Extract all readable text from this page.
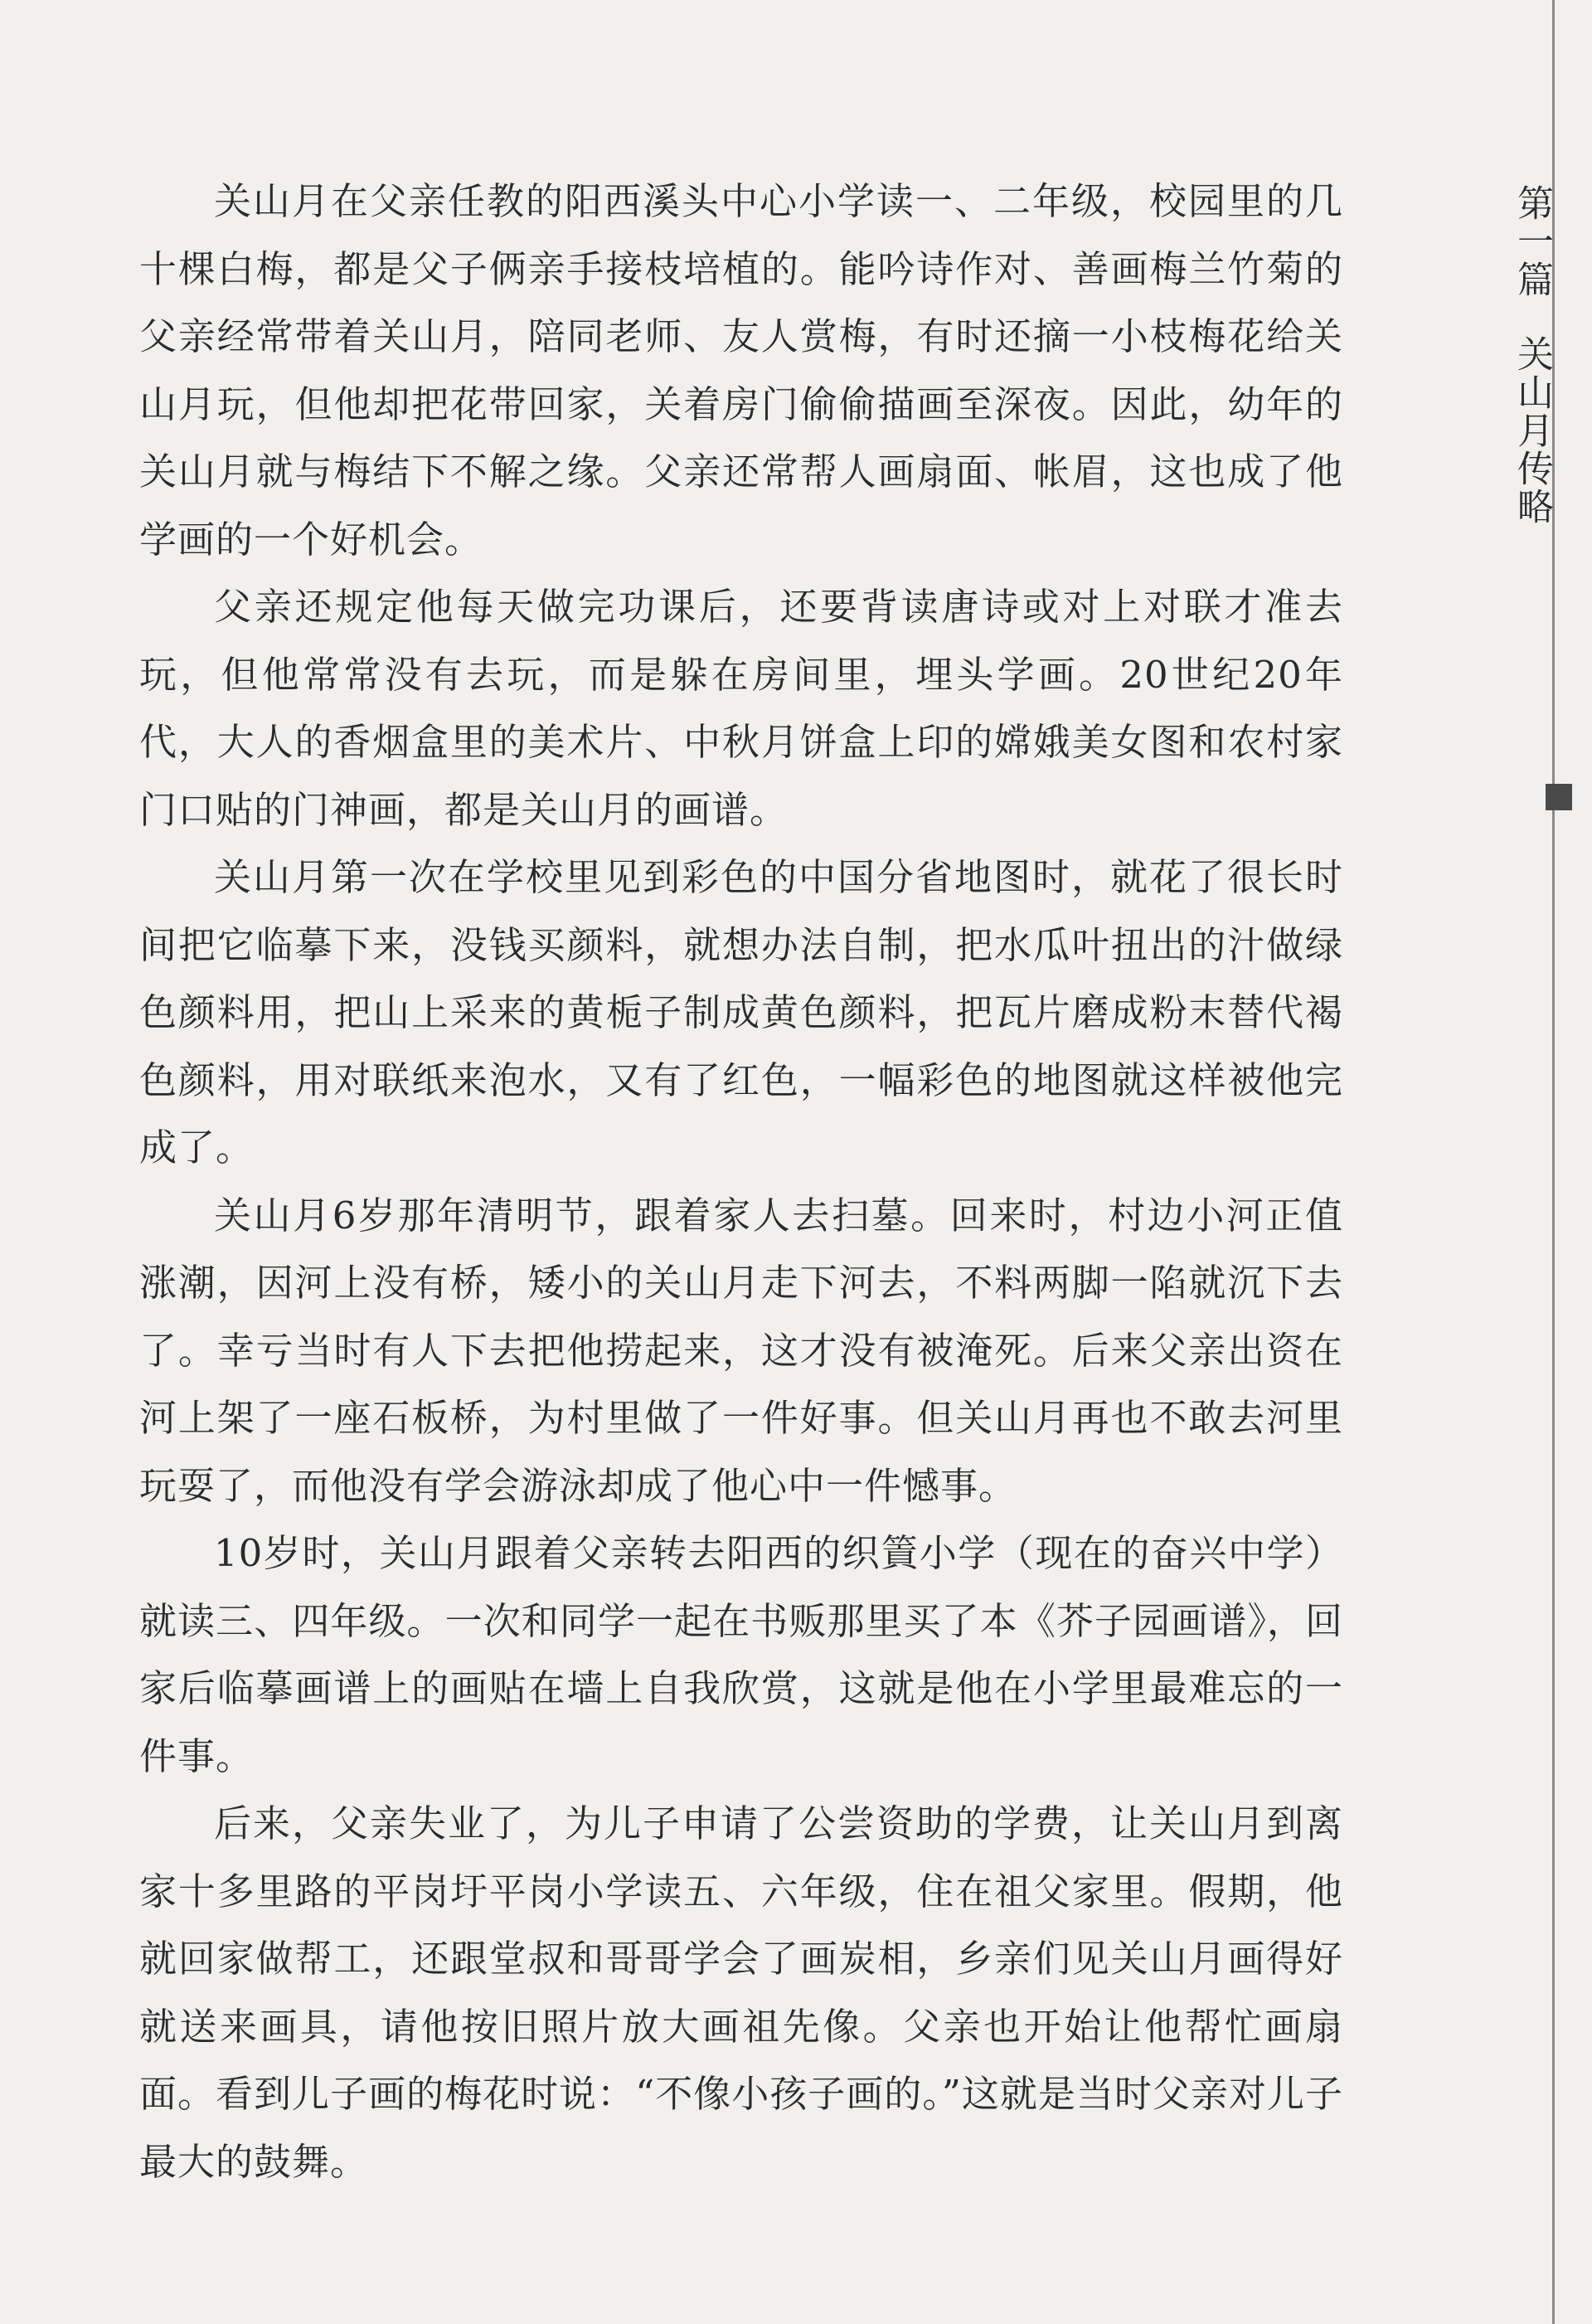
关山月在父亲任教的阳西溪头中心小学读一、二年级，校园里的几十棵白梅，都是父子俩亲手接枝培植的。能吟诗作对、善画梅兰竹菊的父亲经常带着关山月，陪同老师、友人赏梅，有时还摘一小枝梅花给关山月玩，但他却把花带回家，关着房门偷偷描画至深夜。因此，幼年的关山月就与梅结下不解之缘。父亲还常帮人画扇面、帐眉，这也成了他学画的一个好机会。

父亲还规定他每天做完功课后，还要背读唐诗或对上对联才准去玩，但他常常没有去玩，而是躲在房间里，埋头学画。20世纪20年代，大人的香烟盒里的美术片、中秋月饼盒上印的嫦娥美女图和农村家门口贴的门神画，都是关山月的画谱。

关山月第一次在学校里见到彩色的中国分省地图时，就花了很长时间把它临摹下来，没钱买颜料，就想办法自制，把水瓜叶扭出的汁做绿色颜料用，把山上采来的黄栀子制成黄色颜料，把瓦片磨成粉末替代褐色颜料，用对联纸来泡水，又有了红色，一幅彩色的地图就这样被他完成了。

关山月6岁那年清明节，跟着家人去扫墓。回来时，村边小河正值涨潮，因河上没有桥，矮小的关山月走下河去，不料两脚一陷就沉下去了。幸亏当时有人下去把他捞起来，这才没有被淹死。后来父亲出资在河上架了一座石板桥，为村里做了一件好事。但关山月再也不敢去河里玩耍了，而他没有学会游泳却成了他心中一件憾事。

10岁时，关山月跟着父亲转去阳西的织篢小学（现在的奋兴中学）就读三、四年级。一次和同学一起在书贩那里买了本《芥子园画谱》，回家后临摹画谱上的画贴在墙上自我欣赏，这就是他在小学里最难忘的一件事。

后来，父亲失业了，为儿子申请了公尝资助的学费，让关山月到离家十多里路的平岗圩平岗小学读五、六年级，住在祖父家里。假期，他就回家做帮工，还跟堂叔和哥哥学会了画炭相，乡亲们见关山月画得好就送来画具，请他按旧照片放大画祖先像。父亲也开始让他帮忙画扇面。看到儿子画的梅花时说：“不像小孩子画的。”这就是当时父亲对儿子最大的鼓舞。

第一篇关山月传略
